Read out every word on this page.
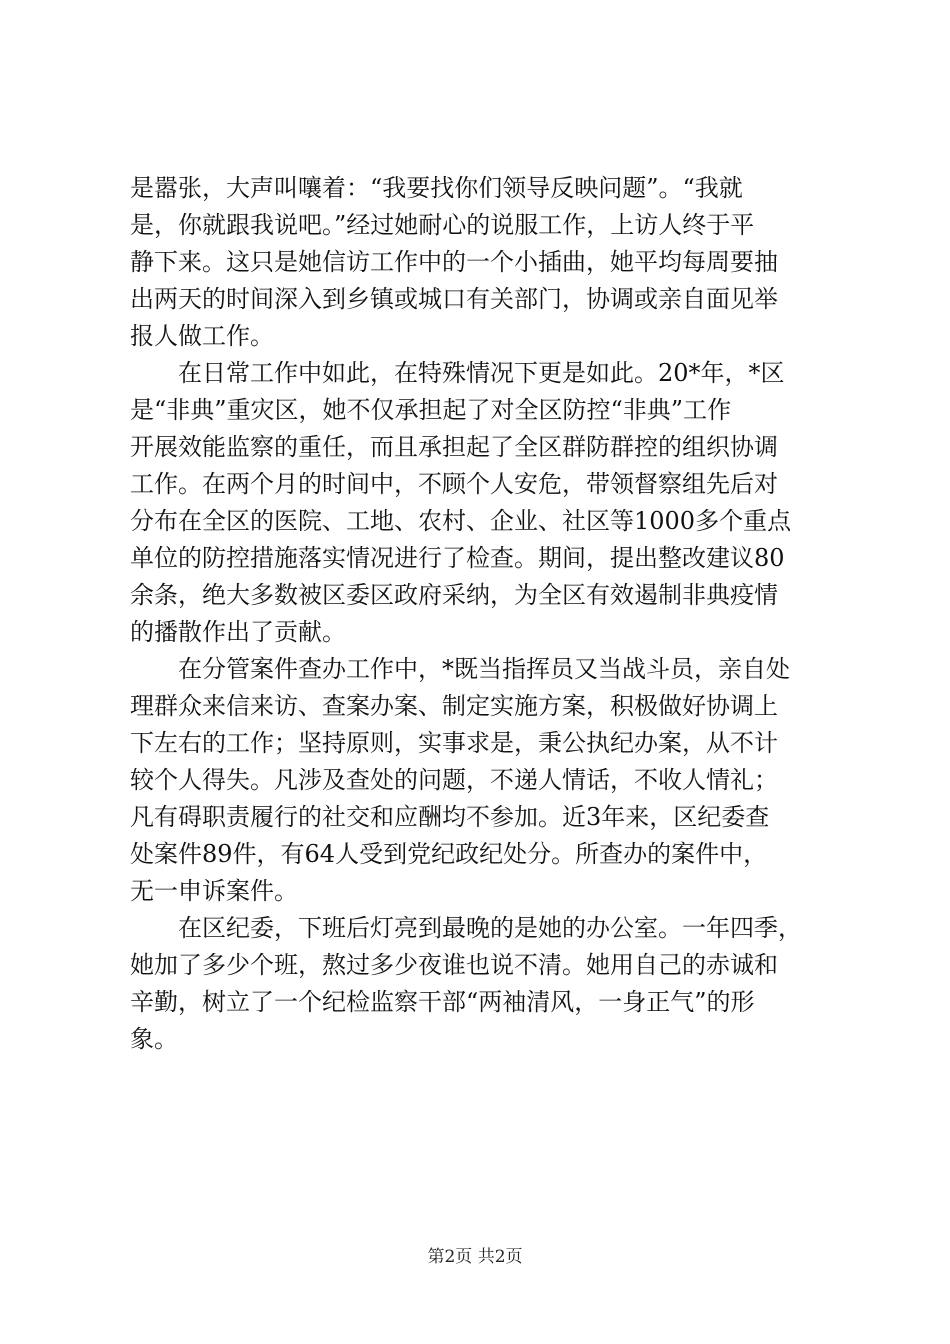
是嚣张，大声叫嚷着：“我要找你们领导反映问题”。“我就
是，你就跟我说吧。”经过她耐心的说服工作，上访人终于平
静下来。这只是她信访工作中的一个小插曲，她平均每周要抽
出两天的时间深入到乡镇或城口有关部门，协调或亲自面见举
报人做工作。
　　在日常工作中如此，在特殊情况下更是如此。20*年，*区
是“非典”重灾区，她不仅承担起了对全区防控“非典”工作
开展效能监察的重任，而且承担起了全区群防群控的组织协调
工作。在两个月的时间中，不顾个人安危，带领督察组先后对
分布在全区的医院、工地、农村、企业、社区等1000多个重点
单位的防控措施落实情况进行了检查。期间，提出整改建议80
余条，绝大多数被区委区政府采纳，为全区有效遏制非典疫情
的播散作出了贡献。
　　在分管案件查办工作中，*既当指挥员又当战斗员，亲自处
理群众来信来访、查案办案、制定实施方案，积极做好协调上
下左右的工作；坚持原则，实事求是，秉公执纪办案，从不计
较个人得失。凡涉及查处的问题，不递人情话，不收人情礼；
凡有碍职责履行的社交和应酬均不参加。近3年来，区纪委查
处案件89件，有64人受到党纪政纪处分。所查办的案件中，
无一申诉案件。
　　在区纪委，下班后灯亮到最晚的是她的办公室。一年四季，
她加了多少个班，熬过多少夜谁也说不清。她用自己的赤诚和
辛勤，树立了一个纪检监察干部“两袖清风，一身正气”的形
象。
第2页 共2页
